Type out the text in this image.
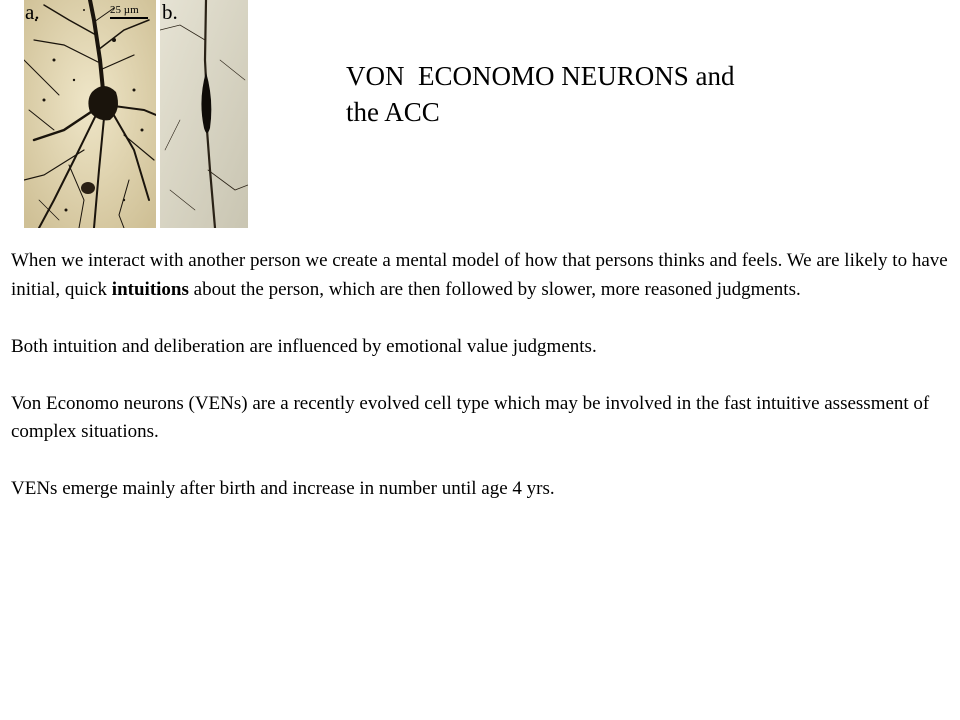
a.	25 µm b.
VON  ECONOMO NEURONS and
the ACC

When we interact with another person we create a mental model of how that persons thinks and feels. We are likely to have initial, quick intuitions about the person, which are then followed by slower, more reasoned judgments.

Both intuition and deliberation are influenced by emotional value judgments.

Von Economo neurons (VENs) are a recently evolved cell type which may be involved in the fast intuitive assessment of complex situations.

VENs emerge mainly after birth and increase in number until age 4 yrs.
